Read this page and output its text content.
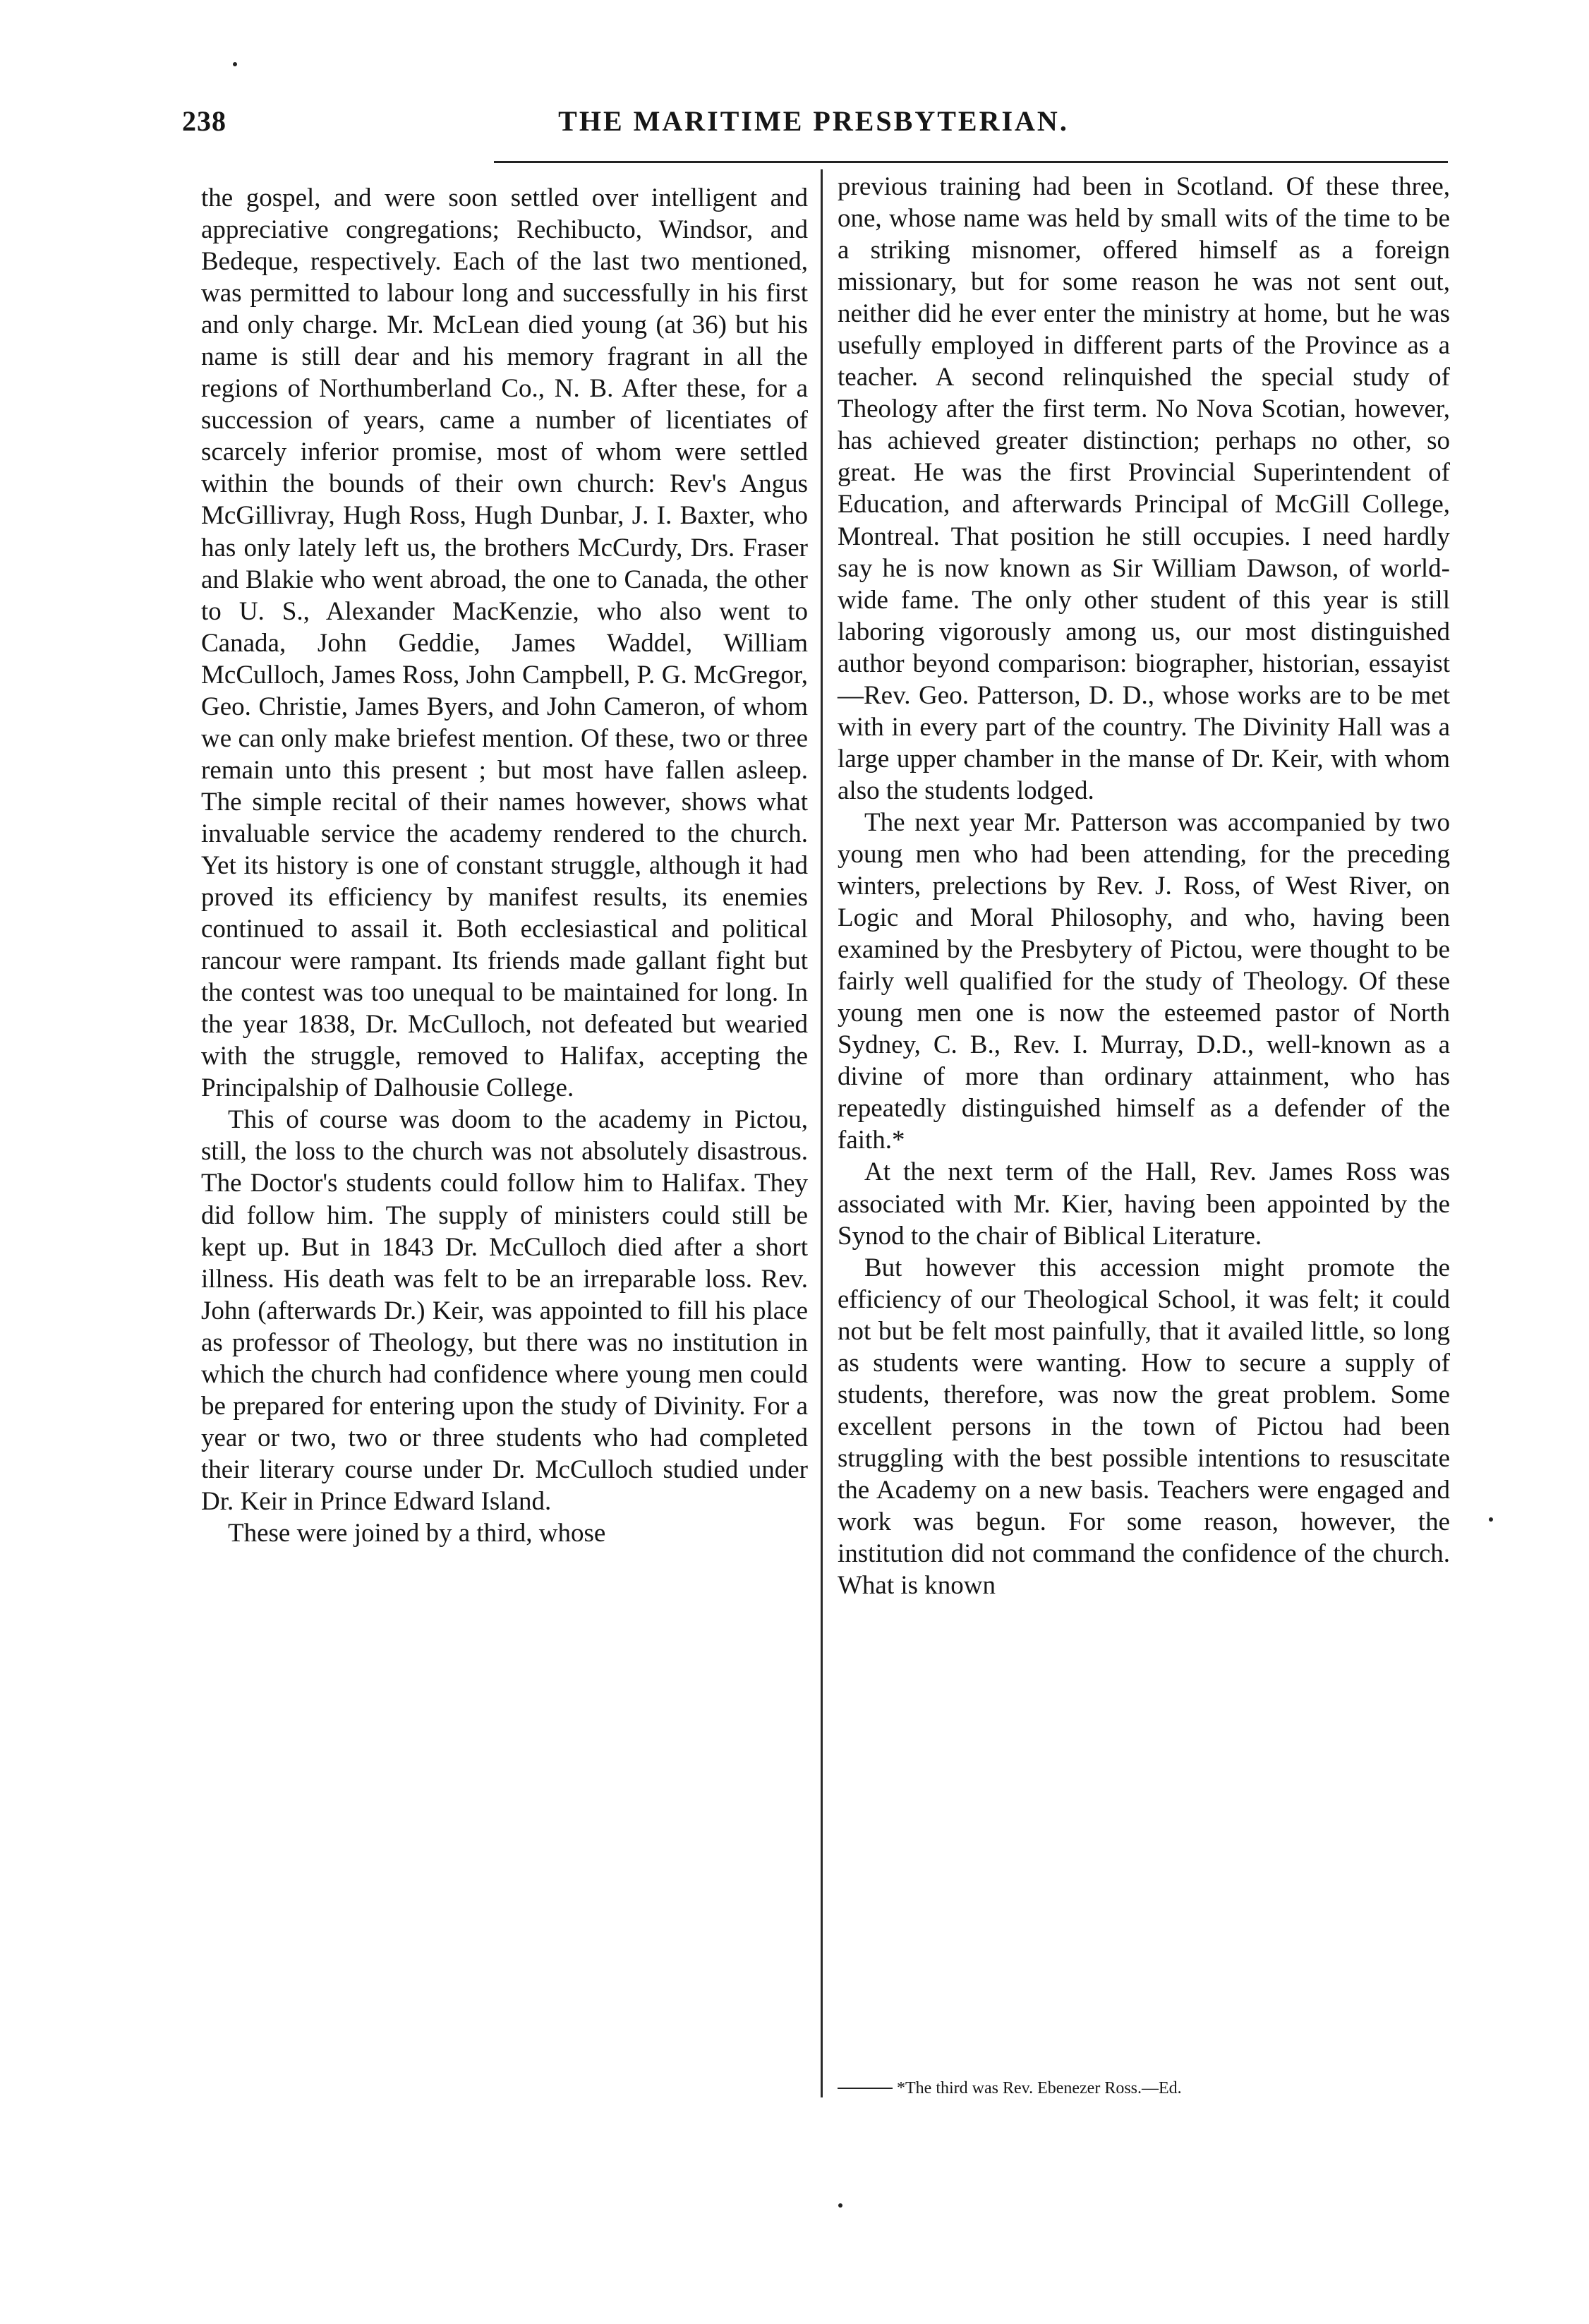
238	THE MARITIME PRESBYTERIAN.

the gospel, and were soon settled over intelligent and appreciative congregations; Rechibucto, Windsor, and Bedeque, respectively. Each of the last two mentioned, was permitted to labour long and successfully in his first and only charge. Mr. McLean died young (at 36) but his name is still dear and his memory fragrant in all the regions of Northumberland Co., N. B. After these, for a succession of years, came a number of licentiates of scarcely inferior promise, most of whom were settled within the bounds of their own church: Rev's Angus McGillivray, Hugh Ross, Hugh Dunbar, J. I. Baxter, who has only lately left us, the brothers McCurdy, Drs. Fraser and Blakie who went abroad, the one to Canada, the other to U. S., Alexander MacKenzie, who also went to Canada, John Geddie, James Waddel, William McCulloch, James Ross, John Campbell, P. G. McGregor, Geo. Christie, James Byers, and John Cameron, of whom we can only make briefest mention. Of these, two or three remain unto this present ; but most have fallen asleep. The simple recital of their names however, shows what invaluable service the academy rendered to the church. Yet its history is one of constant struggle, although it had proved its efficiency by manifest results, its enemies continued to assail it. Both ecclesiastical and political rancour were rampant. Its friends made gallant fight but the contest was too unequal to be maintained for long. In the year 1838, Dr. McCulloch, not defeated but wearied with the struggle, removed to Halifax, accepting the Principalship of Dalhousie College.

This of course was doom to the academy in Pictou, still, the loss to the church was not absolutely disastrous. The Doctor's students could follow him to Halifax. They did follow him. The supply of ministers could still be kept up. But in 1843 Dr. McCulloch died after a short illness. His death was felt to be an irreparable loss. Rev. John (afterwards Dr.) Keir, was appointed to fill his place as professor of Theology, but there was no institution in which the church had confidence where young men could be prepared for entering upon the study of Divinity. For a year or two, two or three students who had completed their literary course under Dr. McCulloch studied under Dr. Keir in Prince Edward Island.

These were joined by a third, whose

previous training had been in Scotland. Of these three, one, whose name was held by small wits of the time to be a striking misnomer, offered himself as a foreign missionary, but for some reason he was not sent out, neither did he ever enter the ministry at home, but he was usefully employed in different parts of the Province as a teacher. A second relinquished the special study of Theology after the first term. No Nova Scotian, however, has achieved greater distinction; perhaps no other, so great. He was the first Provincial Superintendent of Education, and afterwards Principal of McGill College, Montreal. That position he still occupies. I need hardly say he is now known as Sir William Dawson, of world-wide fame. The only other student of this year is still laboring vigorously among us, our most distinguished author beyond comparison: biographer, historian, essayist—Rev. Geo. Patterson, D. D., whose works are to be met with in every part of the country. The Divinity Hall was a large upper chamber in the manse of Dr. Keir, with whom also the students lodged.

The next year Mr. Patterson was accompanied by two young men who had been attending, for the preceding winters, prelections by Rev. J. Ross, of West River, on Logic and Moral Philosophy, and who, having been examined by the Presbytery of Pictou, were thought to be fairly well qualified for the study of Theology. Of these young men one is now the esteemed pastor of North Sydney, C. B., Rev. I. Murray, D.D., well-known as a divine of more than ordinary attainment, who has repeatedly distinguished himself as a defender of the faith.*

At the next term of the Hall, Rev. James Ross was associated with Mr. Kier, having been appointed by the Synod to the chair of Biblical Literature.

But however this accession might promote the efficiency of our Theological School, it was felt; it could not but be felt most painfully, that it availed little, so long as students were wanting. How to secure a supply of students, therefore, was now the great problem. Some excellent persons in the town of Pictou had been struggling with the best possible intentions to resuscitate the Academy on a new basis. Teachers were engaged and work was begun. For some reason, however, the institution did not command the confidence of the church. What is known

*The third was Rev. Ebenezer Ross.—Ed.
